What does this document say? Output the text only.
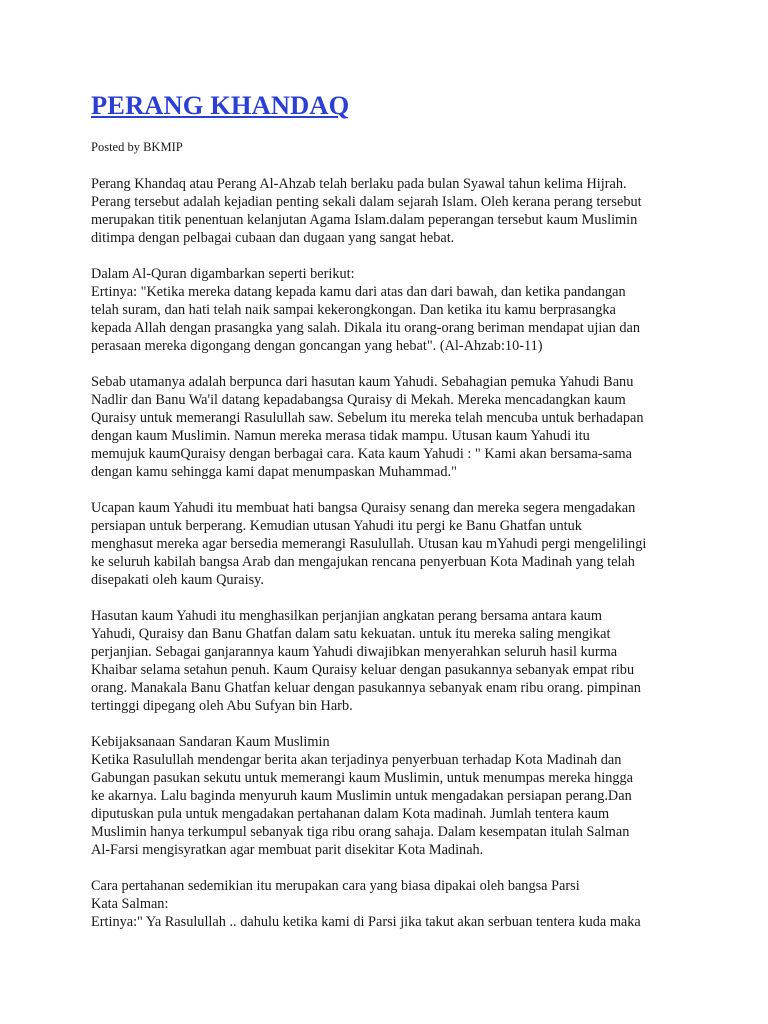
PERANG KHANDAQ
Posted by BKMIP
Perang Khandaq atau Perang Al-Ahzab telah berlaku pada bulan Syawal tahun kelima Hijrah.
Perang tersebut adalah kejadian penting sekali dalam sejarah Islam. Oleh kerana perang tersebut
merupakan titik penentuan kelanjutan Agama Islam.dalam peperangan tersebut kaum Muslimin
ditimpa dengan pelbagai cubaan dan dugaan yang sangat hebat.
Dalam Al-Quran digambarkan seperti berikut:
Ertinya: "Ketika mereka datang kepada kamu dari atas dan dari bawah, dan ketika pandangan
telah suram, dan hati telah naik sampai kekerongkongan. Dan ketika itu kamu berprasangka
kepada Allah dengan prasangka yang salah. Dikala itu orang-orang beriman mendapat ujian dan
perasaan mereka digongang dengan goncangan yang hebat". (Al-Ahzab:10-11)
Sebab utamanya adalah berpunca dari hasutan kaum Yahudi. Sebahagian pemuka Yahudi Banu
Nadlir dan Banu Wa'il datang kepadabangsa Quraisy di Mekah. Mereka mencadangkan kaum
Quraisy untuk memerangi Rasulullah saw. Sebelum itu mereka telah mencuba untuk berhadapan
dengan kaum Muslimin. Namun mereka merasa tidak mampu. Utusan kaum Yahudi itu
memujuk kaumQuraisy dengan berbagai cara. Kata kaum Yahudi : " Kami akan bersama-sama
dengan kamu sehingga kami dapat menumpaskan Muhammad."
Ucapan kaum Yahudi itu membuat hati bangsa Quraisy senang dan mereka segera mengadakan
persiapan untuk berperang. Kemudian utusan Yahudi itu pergi ke Banu Ghatfan untuk
menghasut mereka agar bersedia memerangi Rasulullah. Utusan kau mYahudi pergi mengelilingi
ke seluruh kabilah bangsa Arab dan mengajukan rencana penyerbuan Kota Madinah yang telah
disepakati oleh kaum Quraisy.
Hasutan kaum Yahudi itu menghasilkan perjanjian angkatan perang bersama antara kaum
Yahudi, Quraisy dan Banu Ghatfan dalam satu kekuatan. untuk itu mereka saling mengikat
perjanjian. Sebagai ganjarannya kaum Yahudi diwajibkan menyerahkan seluruh hasil kurma
Khaibar selama setahun penuh. Kaum Quraisy keluar dengan pasukannya sebanyak empat ribu
orang. Manakala Banu Ghatfan keluar dengan pasukannya sebanyak enam ribu orang. pimpinan
tertinggi dipegang oleh Abu Sufyan bin Harb.
Kebijaksanaan Sandaran Kaum Muslimin
Ketika Rasulullah mendengar berita akan terjadinya penyerbuan terhadap Kota Madinah dan
Gabungan pasukan sekutu untuk memerangi kaum Muslimin, untuk menumpas mereka hingga
ke akarnya. Lalu baginda menyuruh kaum Muslimin untuk mengadakan persiapan perang.Dan
diputuskan pula untuk mengadakan pertahanan dalam Kota madinah. Jumlah tentera kaum
Muslimin hanya terkumpul sebanyak tiga ribu orang sahaja. Dalam kesempatan itulah Salman
Al-Farsi mengisyratkan agar membuat parit disekitar Kota Madinah.
Cara pertahanan sedemikian itu merupakan cara yang biasa dipakai oleh bangsa Parsi
Kata Salman:
Ertinya:" Ya Rasulullah .. dahulu ketika kami di Parsi jika takut akan serbuan tentera kuda maka
